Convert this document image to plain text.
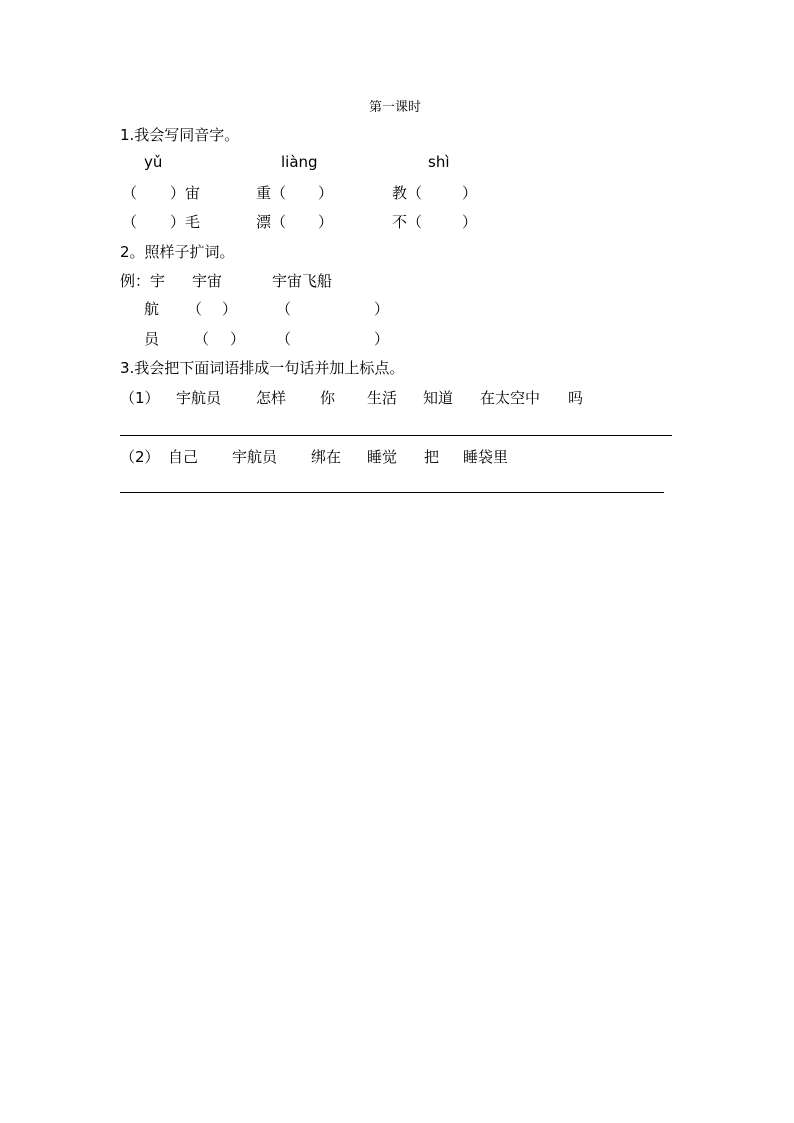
第一课时
1.我会写同音字。
yǔ	liàng	shì
（ ）宙	重（ ）	教（	）
（ ）毛	漂（ ）	不（	）
2。照样子扩词。
例：宇 宇宙	宇宙飞船
航 （ ）	（	）
员 （ ） （	）
3.我会把下面词语排成一句话并加上标点。
（1） 宇航员 怎样 你 生活 知道 在太空中 吗
（2） 自己 宇航员 绑在 睡觉 把 睡袋里
